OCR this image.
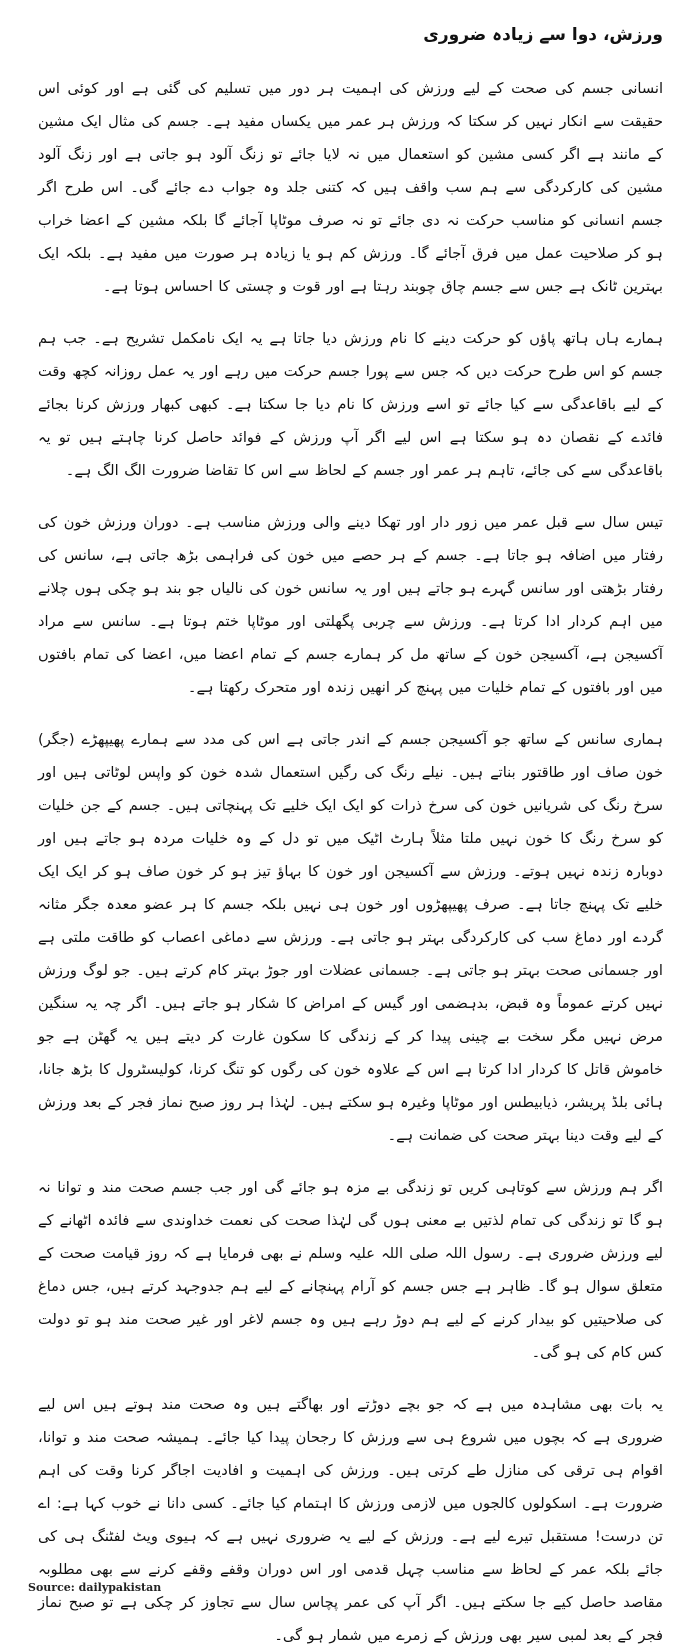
ورزش، دوا سے زیادہ ضروری

انسانی جسم کی صحت کے لیے ورزش کی اہمیت ہر دور میں تسلیم کی گئی ہے اور کوئی اس حقیقت سے انکار نہیں کر سکتا کہ ورزش ہر عمر میں یکساں مفید ہے۔ جسم کی مثال ایک مشین کے مانند ہے اگر کسی مشین کو استعمال میں نہ لایا جائے تو زنگ آلود ہو جاتی ہے اور زنگ آلود مشین کی کارکردگی سے ہم سب واقف ہیں کہ کتنی جلد وہ جواب دے جائے گی۔ اس طرح اگر جسم انسانی کو مناسب حرکت نہ دی جائے تو نہ صرف موٹاپا آجائے گا بلکہ مشین کے اعضا خراب ہو کر صلاحیت عمل میں فرق آجائے گا۔ ورزش کم ہو یا زیادہ ہر صورت میں مفید ہے۔ بلکہ ایک بہترین ٹانک ہے جس سے جسم چاق چوبند رہتا ہے اور قوت و چستی کا احساس ہوتا ہے۔

ہمارے ہاں ہاتھ پاؤں کو حرکت دینے کا نام ورزش دیا جاتا ہے یہ ایک نامکمل تشریح ہے۔ جب ہم جسم کو اس طرح حرکت دیں کہ جس سے پورا جسم حرکت میں رہے اور یہ عمل روزانہ کچھ وقت کے لیے باقاعدگی سے کیا جائے تو اسے ورزش کا نام دیا جا سکتا ہے۔ کبھی کبھار ورزش کرنا بجائے فائدے کے نقصان دہ ہو سکتا ہے اس لیے اگر آپ ورزش کے فوائد حاصل کرنا چاہتے ہیں تو یہ باقاعدگی سے کی جائے، تاہم ہر عمر اور جسم کے لحاظ سے اس کا تقاضا ضرورت الگ الگ ہے۔

تیس سال سے قبل عمر میں زور دار اور تھکا دینے والی ورزش مناسب ہے۔ دوران ورزش خون کی رفتار میں اضافہ ہو جاتا ہے۔ جسم کے ہر حصے میں خون کی فراہمی بڑھ جاتی ہے، سانس کی رفتار بڑھتی اور سانس گہرے ہو جاتے ہیں اور یہ سانس خون کی نالیاں جو بند ہو چکی ہوں چلانے میں اہم کردار ادا کرتا ہے۔ ورزش سے چربی پگھلتی اور موٹاپا ختم ہوتا ہے۔ سانس سے مراد آکسیجن ہے، آکسیجن خون کے ساتھ مل کر ہمارے جسم کے تمام اعضا میں، اعضا کی تمام بافتوں میں اور بافتوں کے تمام خلیات میں پہنچ کر انھیں زندہ اور متحرک رکھتا ہے۔

ہماری سانس کے ساتھ جو آکسیجن جسم کے اندر جاتی ہے اس کی مدد سے ہمارے پھیپھڑے (جگر) خون صاف اور طاقتور بناتے ہیں۔ نیلے رنگ کی رگیں استعمال شدہ خون کو واپس لوٹاتی ہیں اور سرخ رنگ کی شریانیں خون کی سرخ ذرات کو ایک ایک خلیے تک پہنچاتی ہیں۔ جسم کے جن خلیات کو سرخ رنگ کا خون نہیں ملتا مثلاً ہارٹ اٹیک میں تو دل کے وہ خلیات مردہ ہو جاتے ہیں اور دوبارہ زندہ نہیں ہوتے۔ ورزش سے آکسیجن اور خون کا بہاؤ تیز ہو کر خون صاف ہو کر ایک ایک خلیے تک پہنچ جاتا ہے۔ صرف پھیپھڑوں اور خون ہی نہیں بلکہ جسم کا ہر عضو معدہ جگر مثانہ گردے اور دماغ سب کی کارکردگی بہتر ہو جاتی ہے۔ ورزش سے دماغی اعصاب کو طاقت ملتی ہے اور جسمانی صحت بہتر ہو جاتی ہے۔ جسمانی عضلات اور جوڑ بہتر کام کرتے ہیں۔ جو لوگ ورزش نہیں کرتے عموماً وہ قبض، بدہضمی اور گیس کے امراض کا شکار ہو جاتے ہیں۔ اگر چہ یہ سنگین مرض نہیں مگر سخت بے چینی پیدا کر کے زندگی کا سکون غارت کر دیتے ہیں یہ گھٹن ہے جو خاموش قاتل کا کردار ادا کرتا ہے اس کے علاوہ خون کی رگوں کو تنگ کرنا، کولیسٹرول کا بڑھ جانا، ہائی بلڈ پریشر، ذیابیطس اور موٹاپا وغیرہ ہو سکتے ہیں۔ لہٰذا ہر روز صبح نماز فجر کے بعد ورزش کے لیے وقت دینا بہتر صحت کی ضمانت ہے۔

اگر ہم ورزش سے کوتاہی کریں تو زندگی بے مزہ ہو جائے گی اور جب جسم صحت مند و توانا نہ ہو گا تو زندگی کی تمام لذتیں بے معنی ہوں گی لہٰذا صحت کی نعمت خداوندی سے فائدہ اٹھانے کے لیے ورزش ضروری ہے۔ رسول اللہ صلی اللہ علیہ وسلم نے بھی فرمایا ہے کہ روز قیامت صحت کے متعلق سوال ہو گا۔ ظاہر ہے جس جسم کو آرام پہنچانے کے لیے ہم جدوجہد کرتے ہیں، جس دماغ کی صلاحیتیں کو بیدار کرنے کے لیے ہم دوڑ رہے ہیں وہ جسم لاغر اور غیر صحت مند ہو تو دولت کس کام کی ہو گی۔

یہ بات بھی مشاہدہ میں ہے کہ جو بچے دوڑتے اور بھاگتے ہیں وہ صحت مند ہوتے ہیں اس لیے ضروری ہے کہ بچوں میں شروع ہی سے ورزش کا رجحان پیدا کیا جائے۔ ہمیشہ صحت مند و توانا، اقوام ہی ترقی کی منازل طے کرتی ہیں۔ ورزش کی اہمیت و افادیت اجاگر کرنا وقت کی اہم ضرورت ہے۔ اسکولوں کالجوں میں لازمی ورزش کا اہتمام کیا جائے۔ کسی دانا نے خوب کہا ہے: اے تن درست! مستقبل تیرے لیے ہے۔ ورزش کے لیے یہ ضروری نہیں ہے کہ ہیوی ویٹ لفٹنگ ہی کی جائے بلکہ عمر کے لحاظ سے مناسب چہل قدمی اور اس دوران وقفے وقفے کرنے سے بھی مطلوبہ مقاصد حاصل کیے جا سکتے ہیں۔ اگر آپ کی عمر پچاس سال سے تجاوز کر چکی ہے تو صبح نماز فجر کے بعد لمبی سیر بھی ورزش کے زمرے میں شمار ہو گی۔

Source: dailypakistan
